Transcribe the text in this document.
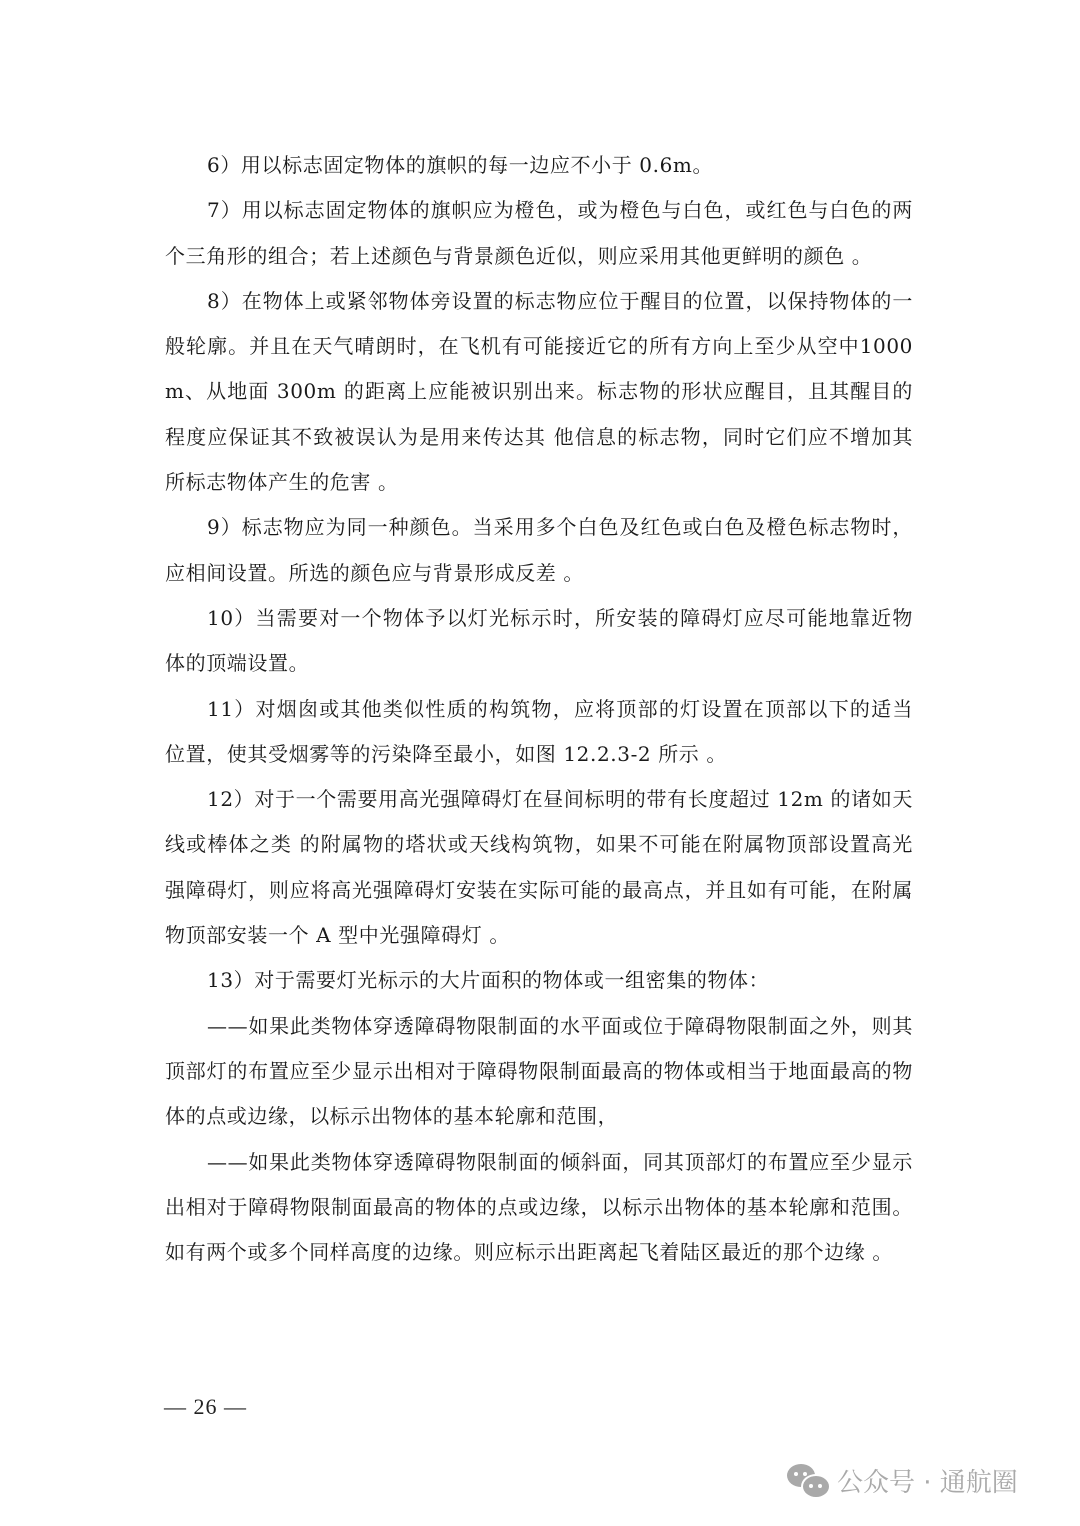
6）用以标志固定物体的旗帜的每一边应不小于 0.6m。

7）用以标志固定物体的旗帜应为橙色，或为橙色与白色，或红色与白色的两个三角形的组合；若上述颜色与背景颜色近似，则应采用其他更鲜明的颜色 。

8）在物体上或紧邻物体旁设置的标志物应位于醒目的位置，以保持物体的一般轮廓。并且在天气晴朗时，在飞机有可能接近它的所有方向上至少从空中1000 m、从地面 300m 的距离上应能被识别出来。标志物的形状应醒目，且其醒目的程度应保证其不致被误认为是用来传达其 他信息的标志物，同时它们应不增加其所标志物体产生的危害 。

9）标志物应为同一种颜色。当采用多个白色及红色或白色及橙色标志物时，应相间设置。所选的颜色应与背景形成反差 。

10）当需要对一个物体予以灯光标示时，所安装的障碍灯应尽可能地靠近物体的顶端设置。

11）对烟囱或其他类似性质的构筑物，应将顶部的灯设置在顶部以下的适当位置，使其受烟雾等的污染降至最小，如图 12.2.3-2 所示 。

12）对于一个需要用高光强障碍灯在昼间标明的带有长度超过 12m 的诸如天线或棒体之类 的附属物的塔状或天线构筑物，如果不可能在附属物顶部设置高光强障碍灯，则应将高光强障碍灯安装在实际可能的最高点，并且如有可能，在附属物顶部安装一个 A 型中光强障碍灯 。

13）对于需要灯光标示的大片面积的物体或一组密集的物体：

——如果此类物体穿透障碍物限制面的水平面或位于障碍物限制面之外，则其顶部灯的布置应至少显示出相对于障碍物限制面最高的物体或相当于地面最高的物体的点或边缘，以标示出物体的基本轮廓和范围，

——如果此类物体穿透障碍物限制面的倾斜面，同其顶部灯的布置应至少显示出相对于障碍物限制面最高的物体的点或边缘，以标示出物体的基本轮廓和范围。如有两个或多个同样高度的边缘。则应标示出距离起飞着陆区最近的那个边缘 。

— 26 —
公众号 · 通航圈
